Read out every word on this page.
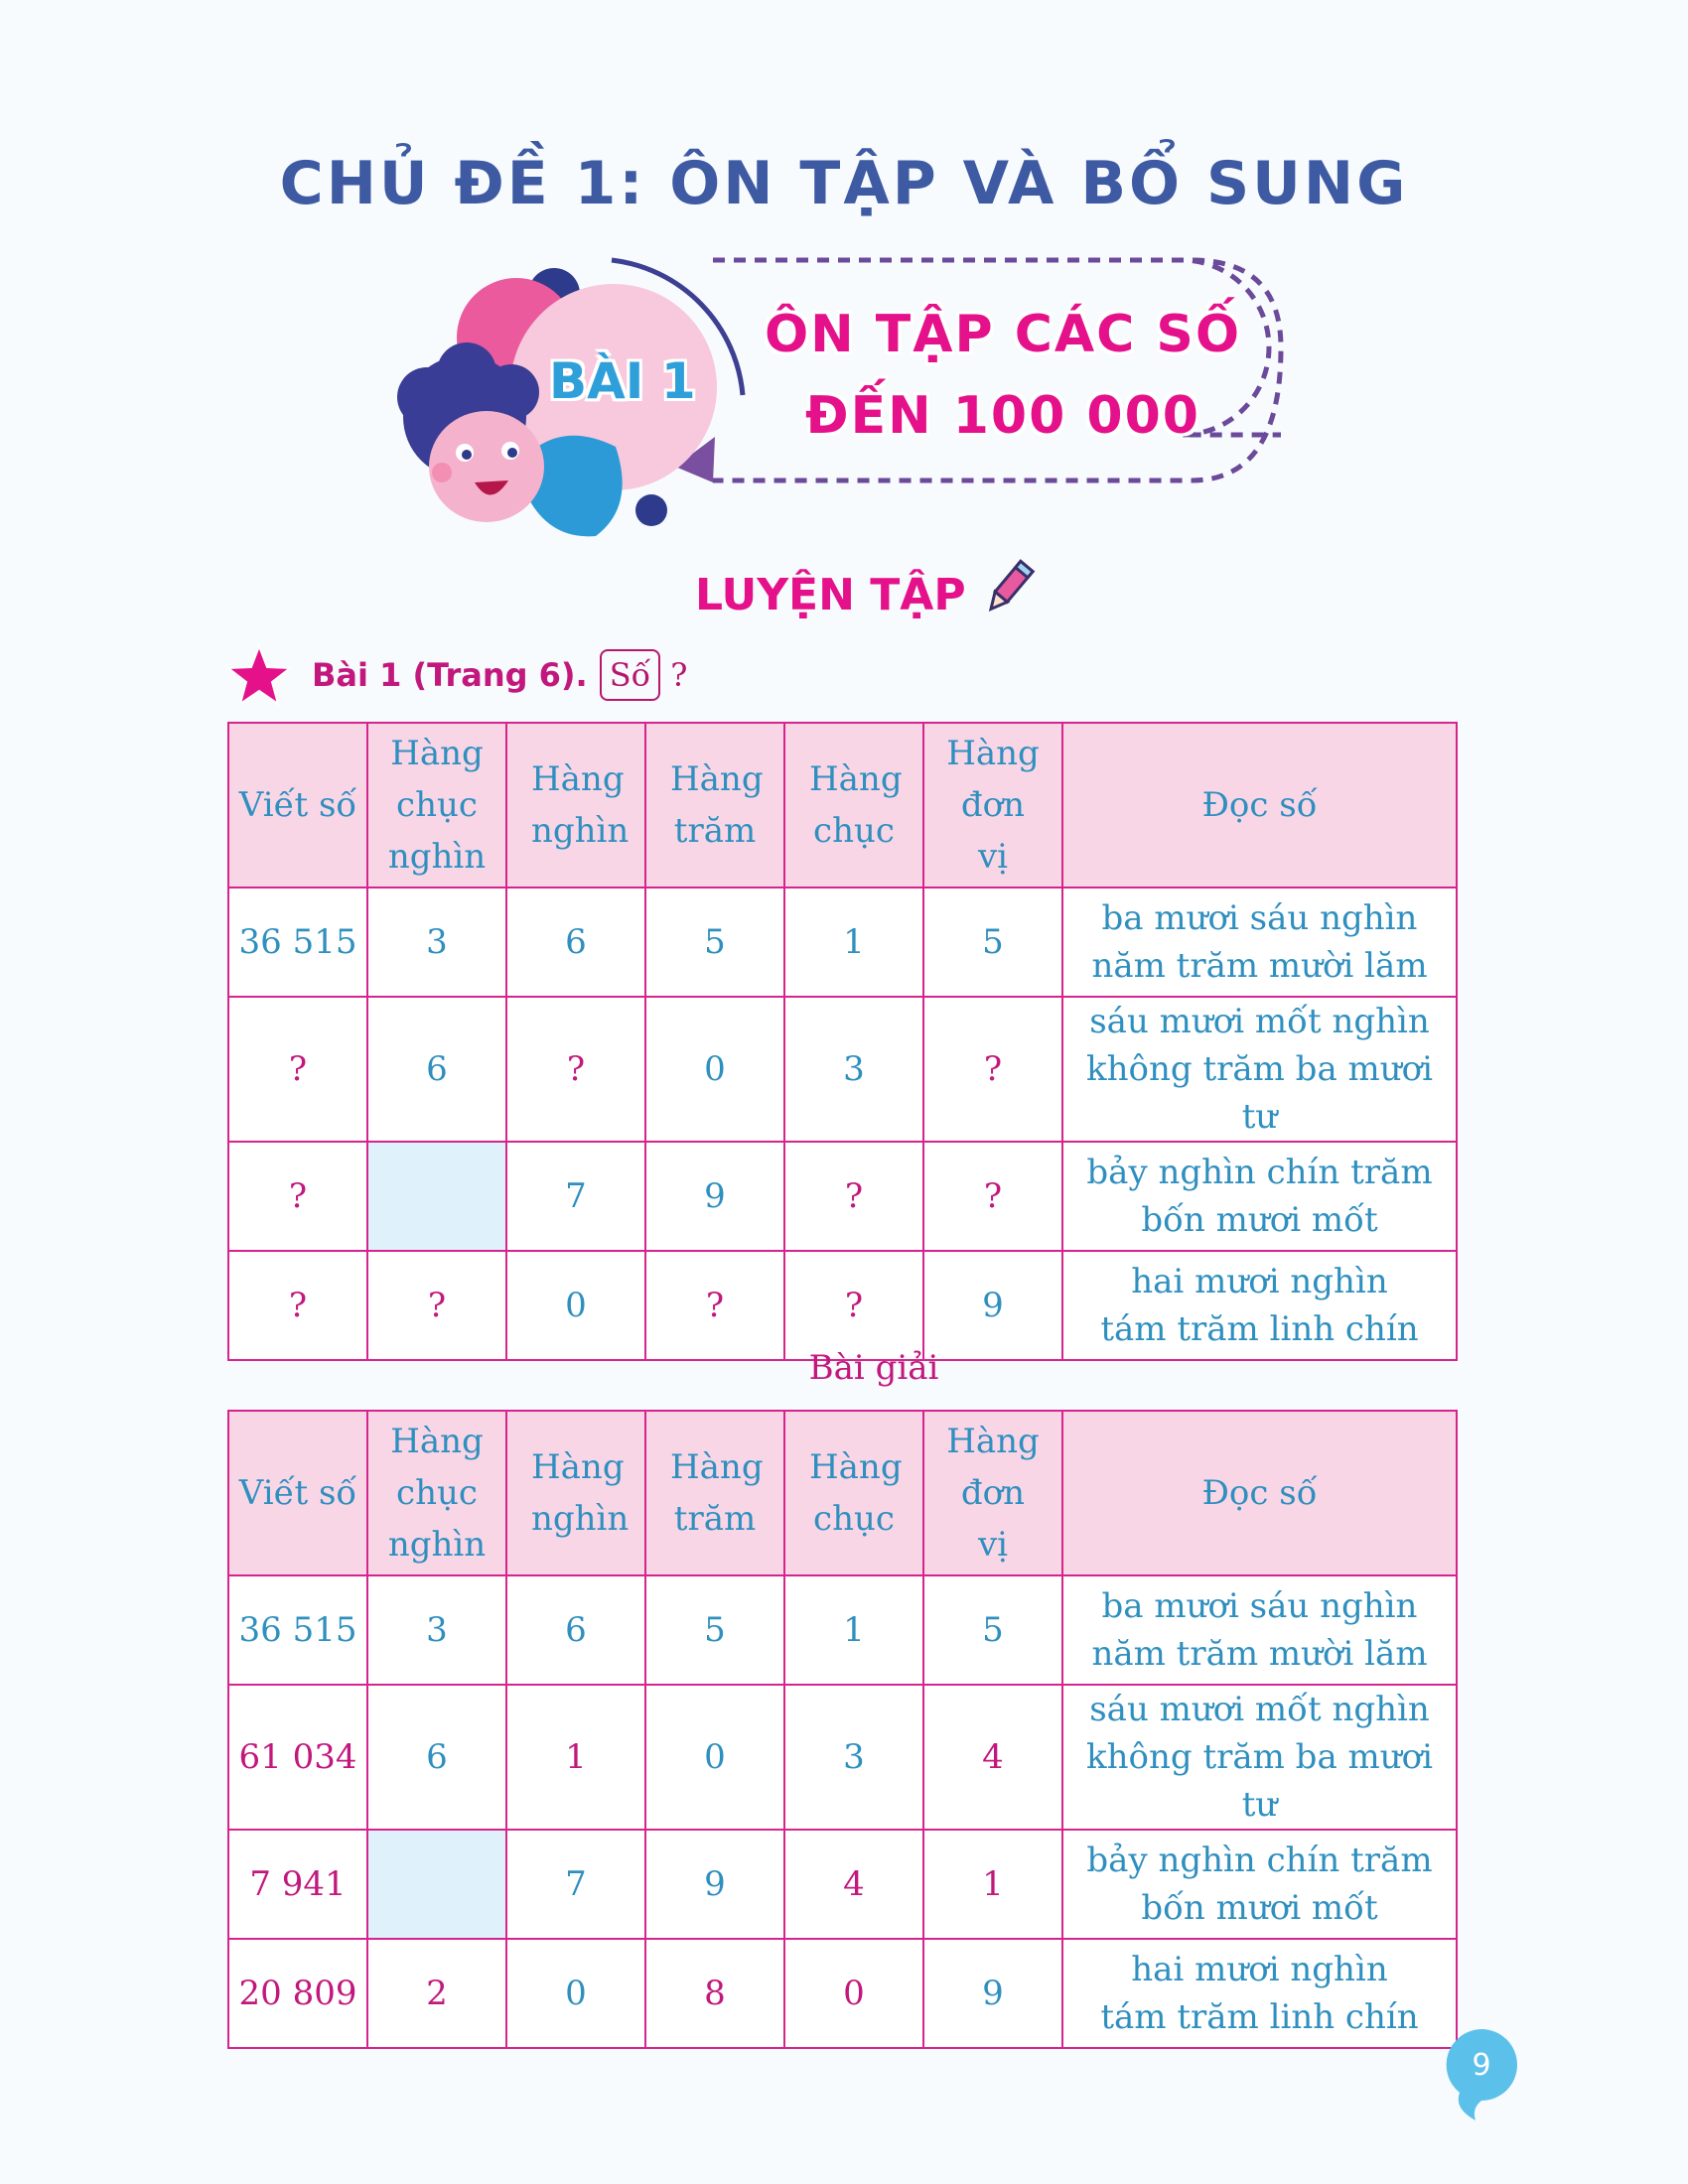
CHỦ ĐỀ 1: ÔN TẬP VÀ BỔ SUNG
BÀI 1
ÔN TẬP CÁC SỐ
ĐẾN 100 000
LUYỆN TẬP
Bài 1 (Trang 6). Số ?
Viết số	Hàng chục nghìn	Hàng nghìn	Hàng trăm	Hàng chục	Hàng đơn vị	Đọc số
36 515	3	6	5	1	5	ba mươi sáu nghìn
năm trăm mười lăm

?	6	?	0	3	?	sáu mươi mốt nghìn
không trăm ba mươi tư

?		7	9	?	?	bảy nghìn chín trăm
bốn mươi mốt

?	?	0	?	?	9	hai mươi nghìn
tám trăm linh chín
Bài giải
Viết số	Hàng chục nghìn	Hàng nghìn	Hàng trăm	Hàng chục	Hàng đơn vị	Đọc số
36 515	3	6	5	1	5	ba mươi sáu nghìn
năm trăm mười lăm

61 034	6	1	0	3	4	sáu mươi mốt nghìn
không trăm ba mươi tư

7 941		7	9	4	1	bảy nghìn chín trăm
bốn mươi mốt

20 809	2	0	8	0	9	hai mươi nghìn
tám trăm linh chín
9
